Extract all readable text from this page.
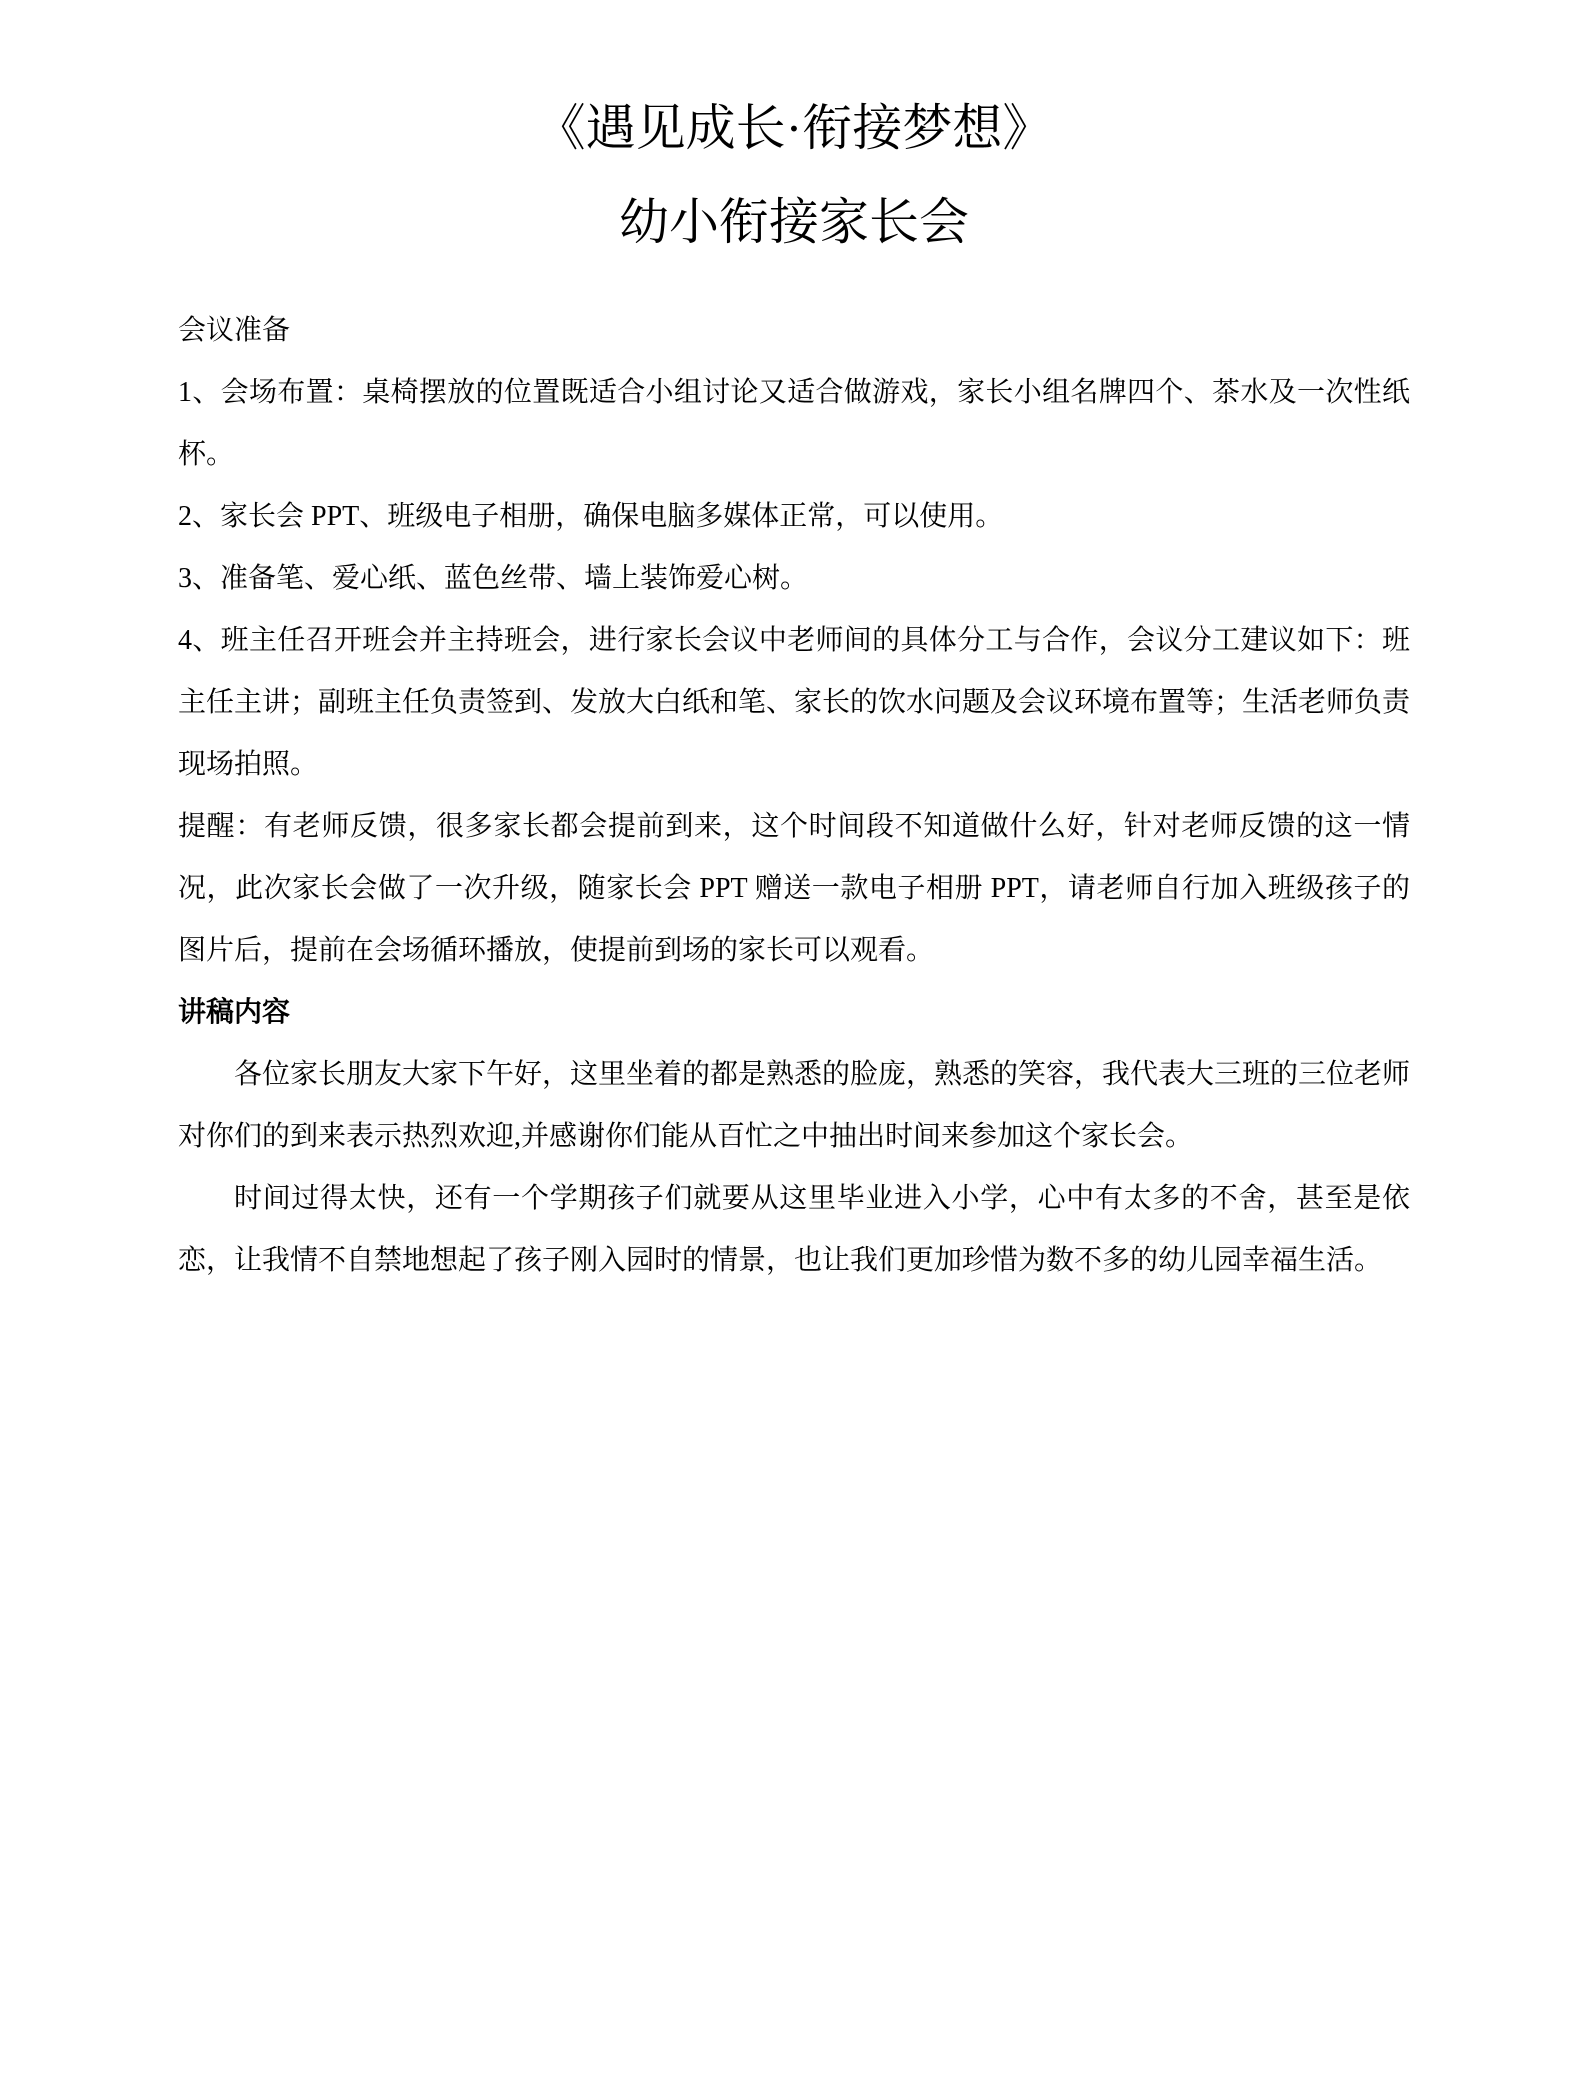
《遇见成长·衔接梦想》
幼小衔接家长会

会议准备

1、会场布置：桌椅摆放的位置既适合小组讨论又适合做游戏，家长小组名牌四个、茶水及一次性纸杯。

2、家长会 PPT、班级电子相册，确保电脑多媒体正常，可以使用。

3、准备笔、爱心纸、蓝色丝带、墙上装饰爱心树。

4、班主任召开班会并主持班会，进行家长会议中老师间的具体分工与合作，会议分工建议如下：班主任主讲；副班主任负责签到、发放大白纸和笔、家长的饮水问题及会议环境布置等；生活老师负责现场拍照。

提醒：有老师反馈，很多家长都会提前到来，这个时间段不知道做什么好，针对老师反馈的这一情况，此次家长会做了一次升级，随家长会 PPT 赠送一款电子相册 PPT，请老师自行加入班级孩子的图片后，提前在会场循环播放，使提前到场的家长可以观看。

讲稿内容

各位家长朋友大家下午好，这里坐着的都是熟悉的脸庞，熟悉的笑容，我代表大三班的三位老师对你们的到来表示热烈欢迎,并感谢你们能从百忙之中抽出时间来参加这个家长会。

时间过得太快，还有一个学期孩子们就要从这里毕业进入小学，心中有太多的不舍，甚至是依恋，让我情不自禁地想起了孩子刚入园时的情景，也让我们更加珍惜为数不多的幼儿园幸福生活。
